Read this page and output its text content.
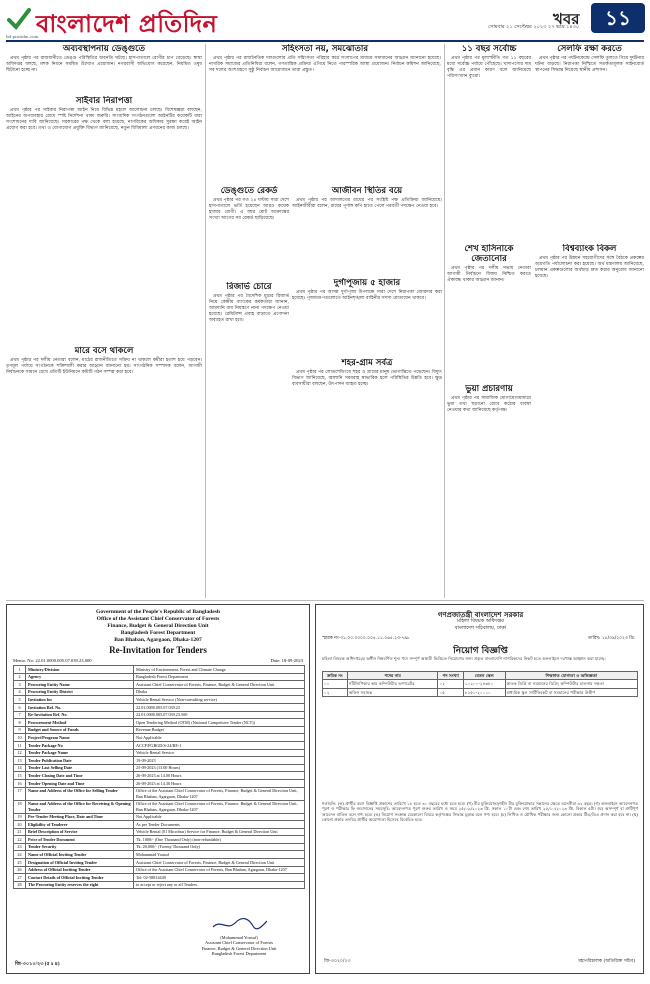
বাংলাদেশ প্রতিদিন
bd-pratidin.com
সোমবার ২১ সেপ্টেম্বর ২০২৩ ২৭ ভাদ্র ১৪৩০
খবর	১১
অব্যবস্থাপনায় ডেঙ্গুতে

প্রথম পৃষ্ঠার পর রাজধানীতে ডেঙ্গু পরিস্থিতির অবনতি ঘটছে। হাসপাতালে রোগীর চাপ বেড়েছে। স্বাস্থ্য অধিদপ্তর বলছে, মশক নিধনে সমন্বিত উদ্যোগ প্রয়োজন। নগরবাসী অভিযোগ করেছেন, নিয়মিত ওষুধ ছিটানো হচ্ছে না।

সাইবার নিরাপত্তা

প্রথম পৃষ্ঠার পর সাইবার নিরাপত্তা আইন নিয়ে বিভিন্ন মহলে আলোচনা চলছে। বিশেষজ্ঞরা বলছেন, আইনের অপব্যবহার রোধে স্পষ্ট নির্দেশনা থাকা জরুরি। সাংবাদিক সংগঠনগুলো আইনটির কয়েকটি ধারা সংশোধনের দাবি জানিয়েছে। সরকারের পক্ষ থেকে বলা হয়েছে, নাগরিকের অধিকার সুরক্ষা করেই আইন প্রয়োগ করা হবে। তথ্য ও যোগাযোগ প্রযুক্তি বিভাগ জানিয়েছে, নতুন বিধিমালা প্রণয়নের কাজ চলছে।

মারে বসে থাকলে

প্রথম পৃষ্ঠার পর দলীয় নেতারা বলেন, মাঠের রাজনীতিতে সক্রিয় না থাকলে কর্মীরা হতাশ হয়ে পড়বেন। তৃণমূল পর্যায়ে সংগঠনকে শক্তিশালী করার আহ্বান জানানো হয়। সাংগঠনিক সম্পাদক বলেন, আগামী নির্বাচনকে সামনে রেখে প্রতিটি ইউনিয়নে কমিটি গঠন সম্পন্ন করা হবে।

সহিংসতা নয়, সমঝোতার

প্রথম পৃষ্ঠার পর রাজনৈতিক দলগুলোর প্রতি সহিংসতা পরিহার করে সংলাপের মাধ্যমে সমাধানের আহ্বান জানানো হয়েছে। নাগরিক সমাজের প্রতিনিধিরা বলেন, গণতান্ত্রিক প্রক্রিয়া এগিয়ে নিতে পারস্পরিক আস্থা প্রয়োজন। নির্বাচন কমিশন জানিয়েছে, সব দলের অংশগ্রহণে সুষ্ঠু নির্বাচন আয়োজনে তারা প্রস্তুত।

ডেঙ্গুতে রেকর্ড

প্রথম পৃষ্ঠার পর গত ২৪ ঘণ্টায় সারা দেশে হাসপাতালে ভর্তি হয়েছেন আরও কয়েক হাজার রোগী। এ বছর মোট আক্রান্তের সংখ্যা আগের সব রেকর্ড ছাড়িয়েছে।

রিজার্ভ চোরে

প্রথম পৃষ্ঠার পর বৈদেশিক মুদ্রার রিজার্ভ নিয়ে কেন্দ্রীয় ব্যাংকের কর্মকর্তারা জানান, আমদানি ব্যয় নিয়ন্ত্রণে নানা পদক্ষেপ নেওয়া হয়েছে। রেমিট্যান্স প্রবাহ বাড়াতে প্রণোদনা অব্যাহত রাখা হবে।

আজীবন স্থিতির বয়ে

প্রথম পৃষ্ঠার পর আদালতের রায়ের পর সংশ্লিষ্ট পক্ষ প্রতিক্রিয়া জানিয়েছে। আইনজীবীরা বলেন, রায়ের পূর্ণাঙ্গ কপি হাতে পেলে পরবর্তী পদক্ষেপ নেওয়া হবে।

দুর্গাপূজায় ৫ হাজার

প্রথম পৃষ্ঠার পর আসন্ন দুর্গাপূজা উপলক্ষে সারা দেশে নিরাপত্তা জোরদার করা হয়েছে। পূজামণ্ডপগুলোতে আইনশৃঙ্খলা বাহিনীর সদস্য মোতায়েন থাকবে।

শহর-গ্রাম সর্বত্র

প্রথম পৃষ্ঠার পর লোডশেডিংয়ে শহর ও গ্রামের মানুষ ভোগান্তিতে পড়েছেন। বিদ্যুৎ বিভাগ জানিয়েছে, জ্বালানি সরবরাহ স্বাভাবিক হলে পরিস্থিতির উন্নতি হবে। ক্ষুদ্র ব্যবসায়ীরা বলছেন, উৎপাদন ব্যাহত হচ্ছে।

১১ বছর সর্বোচ্চ

প্রথম পৃষ্ঠার পর মূল্যস্ফীতি গত ১১ বছরের মধ্যে সর্বোচ্চ পর্যায়ে পৌঁছেছে। খাদ্যপণ্যের দাম বৃদ্ধি এর প্রধান কারণ বলে জানিয়েছে পরিসংখ্যান ব্যুরো।

শেখ হাসিনাকে জেতানোর

প্রথম পৃষ্ঠার পর দলীয় সভায় নেতারা আগামী নির্বাচনে বিজয় নিশ্চিত করতে ঐক্যবদ্ধ থাকার আহ্বান জানান।

ভুয়া প্রচারণায়

প্রথম পৃষ্ঠার পর সামাজিক যোগাযোগমাধ্যমে ভুয়া তথ্য ছড়ানো রোধে কঠোর ব্যবস্থা নেওয়ার কথা জানিয়েছে কর্তৃপক্ষ।

সেলফি রক্ষা করতে

প্রথম পৃষ্ঠার পর পর্যটনকেন্দ্রে সেলফি তুলতে গিয়ে দুর্ঘটনার ঘটনা বাড়ছে। নিরাপত্তা নিশ্চিতে সতর্কতামূলক সাইনবোর্ড স্থাপনের সিদ্ধান্ত নিয়েছে স্থানীয় প্রশাসন।

বিশ্বব্যাংক বিকল

প্রথম পৃষ্ঠার পর উন্নয়ন সহযোগীদের সঙ্গে বৈঠকে প্রকল্পের অগ্রগতি পর্যালোচনা করা হয়েছে। অর্থ মন্ত্রণালয় জানিয়েছে, চলমান প্রকল্পগুলোর অর্থছাড় দ্রুত করার অনুরোধ জানানো হয়েছে।

Government of the People's Republic of Bangladesh
Office of the Assistant Chief Conservator of Forests
Finance, Budget & General Direction Unit
Bangladesh Forest Department
Ban Bhaban, Agargaon, Dhaka-1207
Re-Invitation for Tenders
Memo. No: 22.01.0000.005.07.039.23.000	Date: 18-09-2023
1	Ministry/Division	Ministry of Environment, Forest and Climate Change
2	Agency	Bangladesh Forest Department
3	Procuring Entity Name	Assistant Chief Conservator of Forests, Finance, Budget & General Direction Unit
4	Procuring Entity District	Dhaka
5	Invitation for	Vehicle Rental Service (Non-consulting service)
6	Invitation Ref. No.	22.01.0000.005.07.039.23
7	Re-Invitation Ref. No.	22.01.0000.005.07.039.23.500
8	Procurement Method	Open Tendering Method (OTM) (National Competitive Tender (NCT))
9	Budget and Source of Funds	Revenue Budget
10	Project/Program Name	Not Applicable
11	Tender Package No	ACCF/FGBGD/S-24/RE-1
12	Tender Package Name	Vehicle Rental Service
13	Tender Publication Date	19-09-2023
14	Tender Last Selling Date	25-09-2023 (13.00 Hours)
15	Tender Closing Date and Time	26-09-2023 at 14.00 Hours
16	Tender Opening Date and Time	26-09-2023 at 14.30 Hours
17	Name and Address of the Office for Selling Tender	Office of the Assistant Chief Conservator of Forests, Finance, Budget & General Direction Unit, Ban Bhaban, Agargaon, Dhaka-1207
18	Name and Address of the Office for Receiving & Opening Tender	Office of the Assistant Chief Conservator of Forests, Finance, Budget & General Direction Unit, Ban Bhaban, Agargaon, Dhaka-1207
19	Pre-Tender Meeting Place, Date and Time	Not Applicable
20	Eligibility of Tenderer	As per Tender Documents
21	Brief Description of Service	Vehicle Rental (01 Microbus) Service for Finance, Budget & General Direction Unit
22	Price of Tender Document	Tk. 1000/- (One Thousand Only) (non-refundable)
23	Tender Security	Tk. 20,000/- (Twenty Thousand Only)
24	Name of Official Inviting Tender	Mohammad Yousuf
25	Designation of Official Inviting Tender	Assistant Chief Conservator of Forests, Finance, Budget & General Direction Unit
26	Address of Official Inviting Tender	Office of the Assistant Chief Conservator of Forests, Ban Bhaban, Agargaon, Dhaka-1207
27	Contact Details of Official Inviting Tender	Tel: 02-58814449
28	The Procuring Entity reserves the right	to accept or reject any or all Tenders.
(Mohammad Yousuf)
Assistant Chief Conservator of Forests
Finance, Budget & General Direction Unit
Bangladesh Forest Department
জি-৩০১০/২৩ (৫ x ৪)
গণপ্রজাতন্ত্রী বাংলাদেশ সরকার
মহিলা বিষয়ক অধিদপ্তর
বাংলাদেশ সচিবালয়, ঢাকা
স্মারক নং-৩১.০০.০০০০.০০৫.১১.০৬৫.২৩-৭৯৮	তারিখ: ১৮/০৯/২০২৩ খ্রি.
নিয়োগ বিজ্ঞপ্তি
মহিলা বিষয়ক অধিদপ্তরের অধীন নিম্নবর্ণিত শূন্য পদে সম্পূর্ণ অস্থায়ী ভিত্তিতে নিয়োগের জন্য প্রকৃত বাংলাদেশি নাগরিকদের নিকট হতে অনলাইনে দরখাস্ত আহ্বান করা যাচ্ছে।
ক্রমিক নং	পদের নাম	পদ সংখ্যা	বেতন স্কেল	শিক্ষাগত যোগ্যতা ও অভিজ্ঞতা
০১	সাঁটলিপিকার কাম কম্পিউটার অপারেটর	০২	১০২০০-২৪৬৮০	স্নাতক ডিগ্রি বা সমমানের ডিগ্রি; কম্পিউটার চালনায় দক্ষতা
০২	অফিস সহায়ক	০৫	৮২৫০-২০০১০	মাধ্যমিক স্কুল সার্টিফিকেট বা সমমানের পরীক্ষায় উত্তীর্ণ
শর্তাবলি: (ক) প্রার্থীর বয়স বিজ্ঞপ্তি প্রকাশের তারিখে ১৮ হতে ৩০ বছরের মধ্যে হতে হবে। (খ) বীর মুক্তিযোদ্ধা/শহীদ বীর মুক্তিযোদ্ধার সন্তানের ক্ষেত্রে বয়সসীমা ৩২ বছর। (গ) অনলাইনে আবেদনপত্র পূরণ ও পরীক্ষার ফি জমাদানের সময়সূচি: আবেদনপত্র পূরণ শুরুর তারিখ ও সময় ২৫/০৯/২০২৩ খ্রি. সকাল ১০টা এবং শেষ তারিখ ২৫/১০/২০২৩ খ্রি. বিকাল ৫টা। (ঘ) অসম্পূর্ণ বা ত্রুটিপূর্ণ আবেদন বাতিল বলে গণ্য হবে। (ঙ) নিয়োগ সংক্রান্ত যেকোনো বিষয়ে কর্তৃপক্ষের সিদ্ধান্ত চূড়ান্ত বলে গণ্য হবে। (চ) লিখিত ও মৌখিক পরীক্ষার জন্য কোনো প্রকার টিএ/ডিএ প্রদান করা হবে না। (ছ) কোনো প্রকার তদবির প্রার্থীর অযোগ্যতা হিসেবে বিবেচিত হবে।
জি-৩০২০/২৩	মহাপরিচালক (অতিরিক্ত সচিব)
